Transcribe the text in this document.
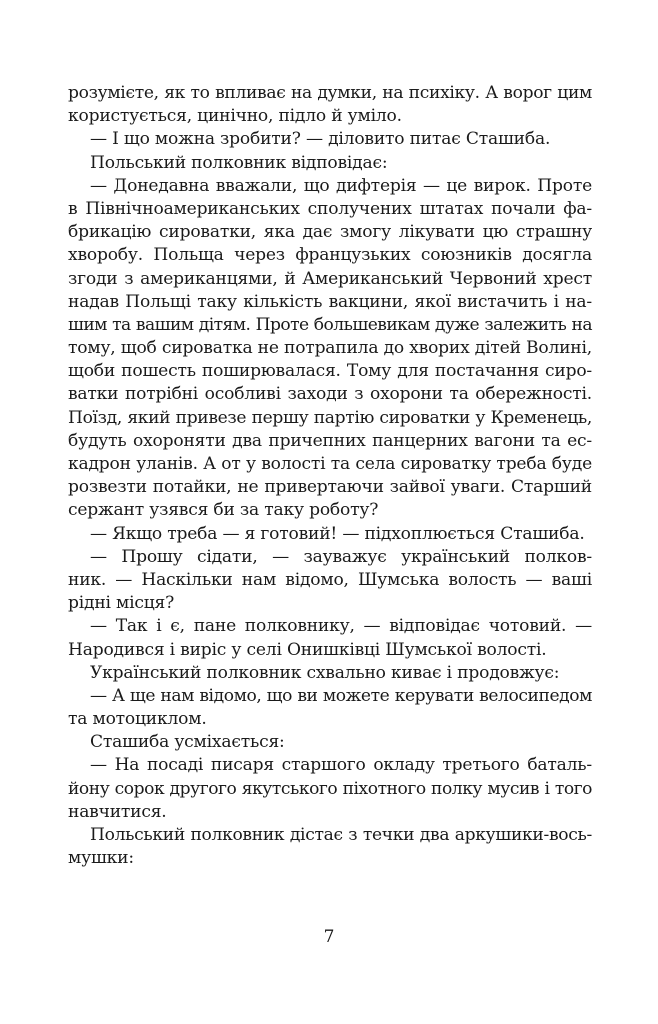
розумієте, як то впливає на думки, на психіку. А ворог цим
користується, цинічно, підло й уміло.
— І що можна зробити? — діловито питає Сташиба.
Польський полковник відповідає:
— Донедавна вважали, що дифтерія — це вирок. Проте
в Північноамериканських сполучених штатах почали фа-
брикацію сироватки, яка дає змогу лікувати цю страшну
хворобу. Польща через французьких союзників досягла
згоди з американцями, й Американський Червоний хрест
надав Польщі таку кількість вакцини, якої вистачить і на-
шим та вашим дітям. Проте большевикам дуже залежить на
тому, щоб сироватка не потрапила до хворих дітей Волині,
щоби пошесть поширювалася. Тому для постачання сиро-
ватки потрібні особливі заходи з охорони та обережності.
Поїзд, який привезе першу партію сироватки у Кременець,
будуть охороняти два причепних панцерних вагони та ес-
кадрон уланів. А от у волості та села сироватку треба буде
розвезти потайки, не привертаючи зайвої уваги. Старший
сержант узявся би за таку роботу?
— Якщо треба — я готовий! — підхоплюється Сташиба.
— Прошу сідати, — зауважує український полков-
ник. — Наскільки нам відомо, Шумська волость — ваші
рідні місця?
— Так і є, пане полковнику, — відповідає чотовий. —
Народився і виріс у селі Онишківці Шумської волості.
Український полковник схвально киває і продовжує:
— А ще нам відомо, що ви можете керувати велосипедом
та мотоциклом.
Сташиба усміхається:
— На посаді писаря старшого окладу третього баталь-
йону сорок другого якутського піхотного полку мусив і того
навчитися.
Польський полковник дістає з течки два аркушики-вось-
мушки:
7
